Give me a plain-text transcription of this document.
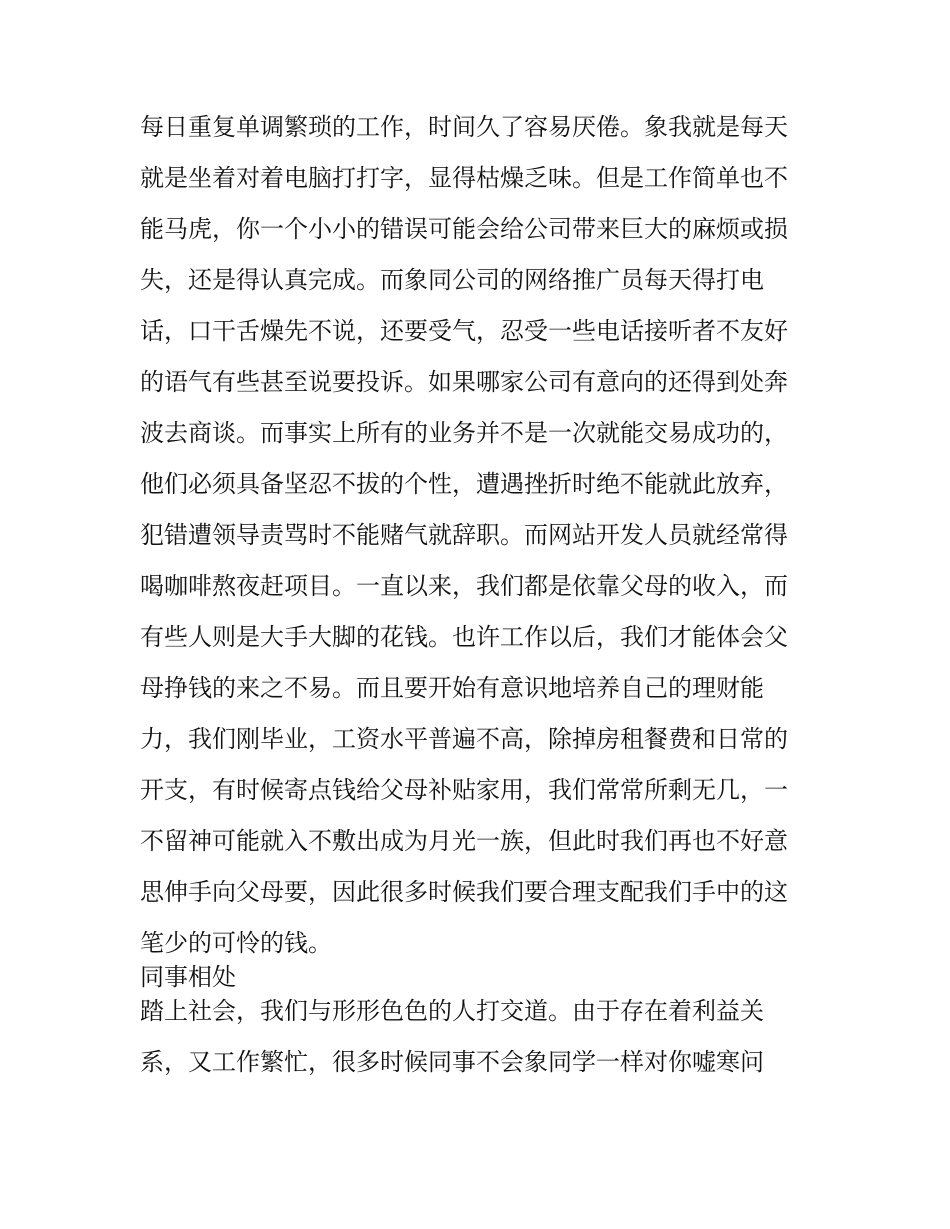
每日重复单调繁琐的工作，时间久了容易厌倦。象我就是每天
就是坐着对着电脑打打字，显得枯燥乏味。但是工作简单也不
能马虎，你一个小小的错误可能会给公司带来巨大的麻烦或损
失，还是得认真完成。而象同公司的网络推广员每天得打电
话，口干舌燥先不说，还要受气，忍受一些电话接听者不友好
的语气有些甚至说要投诉。如果哪家公司有意向的还得到处奔
波去商谈。而事实上所有的业务并不是一次就能交易成功的，
他们必须具备坚忍不拔的个性，遭遇挫折时绝不能就此放弃，
犯错遭领导责骂时不能赌气就辞职。而网站开发人员就经常得
喝咖啡熬夜赶项目。一直以来，我们都是依靠父母的收入，而
有些人则是大手大脚的花钱。也许工作以后，我们才能体会父
母挣钱的来之不易。而且要开始有意识地培养自己的理财能
力，我们刚毕业，工资水平普遍不高，除掉房租餐费和日常的
开支，有时候寄点钱给父母补贴家用，我们常常所剩无几，一
不留神可能就入不敷出成为月光一族，但此时我们再也不好意
思伸手向父母要，因此很多时候我们要合理支配我们手中的这
笔少的可怜的钱。
同事相处
踏上社会，我们与形形色色的人打交道。由于存在着利益关
系，又工作繁忙，很多时候同事不会象同学一样对你嘘寒问
